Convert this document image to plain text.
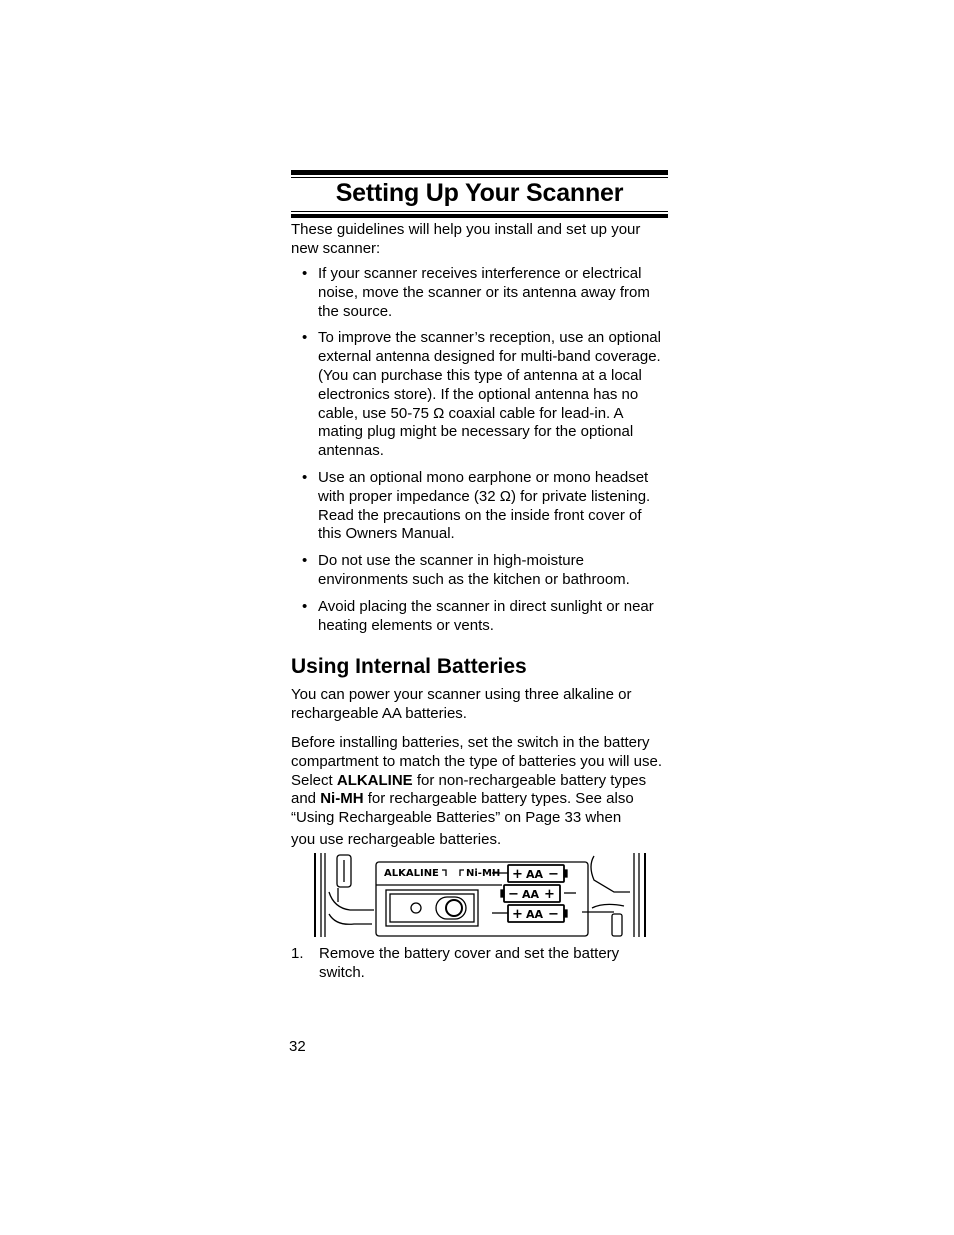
Setting Up Your Scanner

These guidelines will help you install and set up your new scanner:

• If your scanner receives interference or electrical noise, move the scanner or its antenna away from the source.
• To improve the scanner’s reception, use an optional external antenna designed for multi-band coverage. (You can purchase this type of antenna at a local electronics store). If the optional antenna has no cable, use 50-75 Ω coaxial cable for lead-in. A mating plug might be necessary for the optional antennas.
• Use an optional mono earphone or mono headset with proper impedance (32 Ω) for private listening. Read the precautions on the inside front cover of this Owners Manual.
• Do not use the scanner in high-moisture environments such as the kitchen or bathroom.
• Avoid placing the scanner in direct sunlight or near heating elements or vents.
Using Internal Batteries

You can power your scanner using three alkaline or rechargeable AA batteries.

Before installing batteries, set the switch in the battery compartment to match the type of batteries you will use. Select ALKALINE for non-rechargeable battery types and Ni-MH for rechargeable battery types. See also “Using Rechargeable Batteries” on Page 33 when
you use rechargeable batteries.

ALKALINE	Ni-MH + AA −
− AA +
+ AA −
1. Remove the battery cover and set the battery switch.
32
